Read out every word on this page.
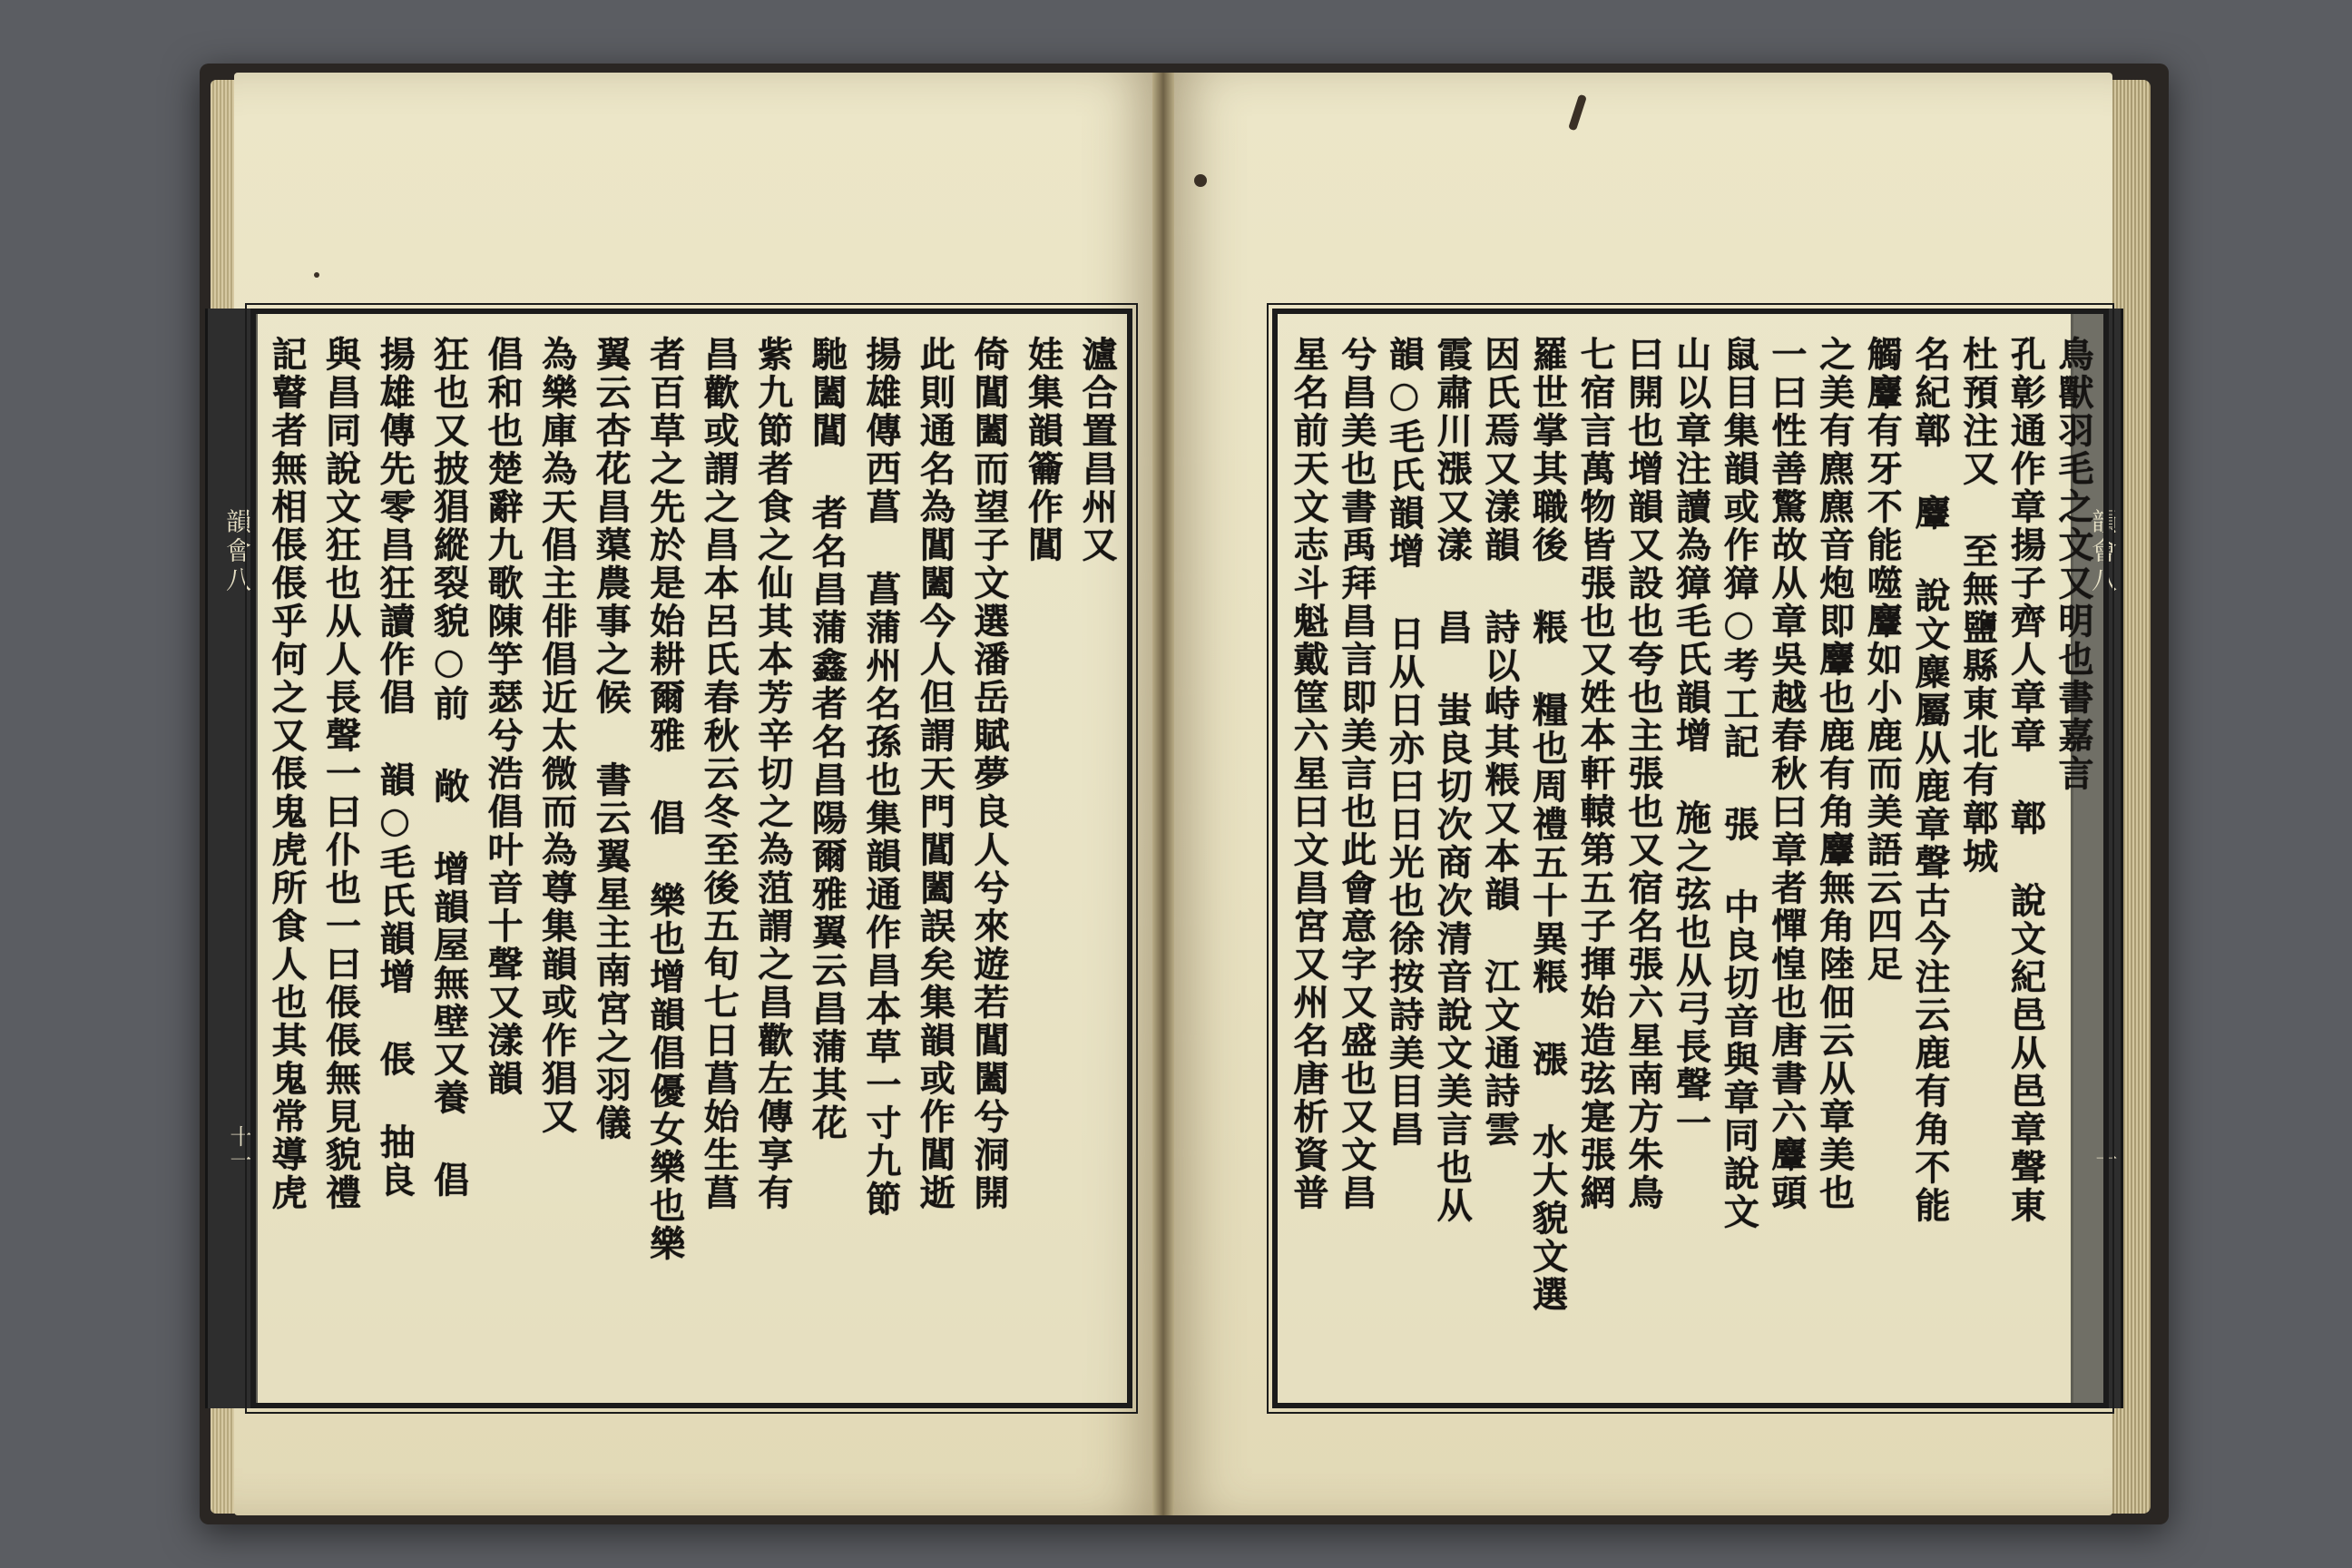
韻會八
十一
瀘合置昌州又
娃集韻籥作閶
倚閶闔而望子文選潘岳賦夢良人兮來遊若閶闔兮洞開
此則通名為閶闔今人但謂天門閶闔誤矣集韻或作閶逝
揚雄傳西菖 菖蒲州名孫也集韻通作昌本草一寸九節
馳闔閶 者名昌蒲鑫者名昌陽爾雅翼云昌蒲其花
紫九節者食之仙其本芳辛切之為菹謂之昌歡左傳享有
昌歡或謂之昌本呂氏春秋云冬至後五旬七日菖始生菖
者百草之先於是始耕爾雅 倡 樂也增韻倡優女樂也樂
翼云杏花昌蕖農事之候 書云翼星主南宮之羽儀
為樂庫為天倡主俳倡近太微而為尊集韻或作猖又
倡和也楚辭九歌陳竽瑟兮浩倡叶音十聲又漾韻
狂也又披猖縱裂貌○前 敞 增韻屋無壁又養 倡
揚雄傳先零昌狂讀作倡 韻○毛氏韻增 倀 抽良
與昌同說文狂也从人長聲一曰仆也一曰倀倀無見貌禮
記瞽者無相倀倀乎何之又倀鬼虎所食人也其鬼常導虎	韻會八
十
鳥獸羽毛之文又明也書嘉言
孔彰通作章揚子齊人章章 鄣 說文紀邑从邑章聲東
杜預注又 至無鹽縣東北有鄣城
名紀鄣 麞 說文麋屬从鹿章聲古今注云鹿有角不能
觸麞有牙不能噬麞如小鹿而美語云四足
之美有麃麃音炮即麞也鹿有角麞無角陸佃云从章美也
一曰性善驚故从章吳越春秋曰章者憚惶也唐書六麞頭
鼠目集韻或作獐○考工記 張 中良切音與章同說文
山以章注讀為獐毛氏韻增 施之弦也从弓長聲一
曰開也增韻又設也夸也主張也又宿名張六星南方朱鳥
七宿言萬物皆張也又姓本軒轅第五子揮始造弦寔張網
羅世掌其職後 粻 糧也周禮五十異粻 漲 水大貌文選
因氏焉又漾韻 詩以峙其粻又本韻 江文通詩雲
霞肅川漲又漾 昌 蚩良切次商次清音說文美言也从
韻○毛氏韻增 日从日亦曰日光也徐按詩美目昌
兮昌美也書禹拜昌言即美言也此會意字又盛也又文昌
星名前天文志斗魁戴筐六星曰文昌宮又州名唐析資普
